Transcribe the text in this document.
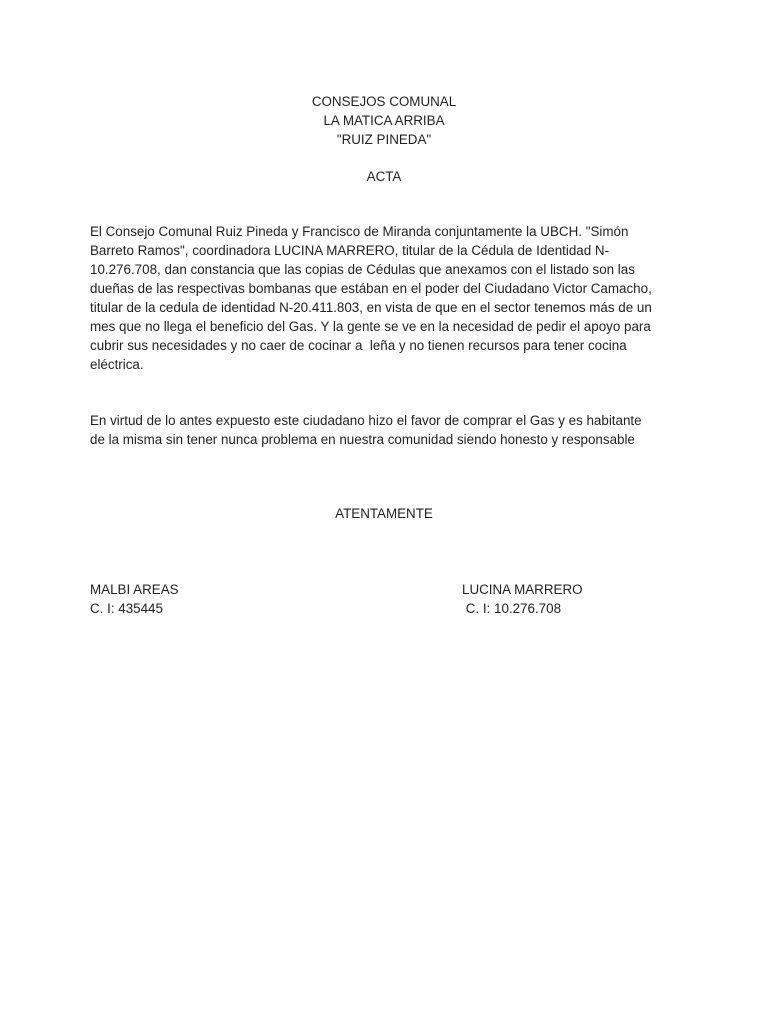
CONSEJOS COMUNAL
LA MATICA ARRIBA
"RUIZ PINEDA"
ACTA
El Consejo Comunal Ruiz Pineda y Francisco de Miranda conjuntamente la UBCH. "Simón
Barreto Ramos", coordinadora LUCINA MARRERO, titular de la Cédula de Identidad N-
10.276.708, dan constancia que las copias de Cédulas que anexamos con el listado son las
dueñas de las respectivas bombanas que estában en el poder del Ciudadano Victor Camacho,
titular de la cedula de identidad N-20.411.803, en vista de que en el sector tenemos más de un
mes que no llega el beneficio del Gas. Y la gente se ve en la necesidad de pedir el apoyo para
cubrir sus necesidades y no caer de cocinar a  leña y no tienen recursos para tener cocina
eléctrica.
En virtud de lo antes expuesto este ciudadano hizo el favor de comprar el Gas y es habitante
de la misma sin tener nunca problema en nuestra comunidad siendo honesto y responsable
ATENTAMENTE
MALBI AREAS
C. I: 435445
LUCINA MARRERO
C. I: 10.276.708
